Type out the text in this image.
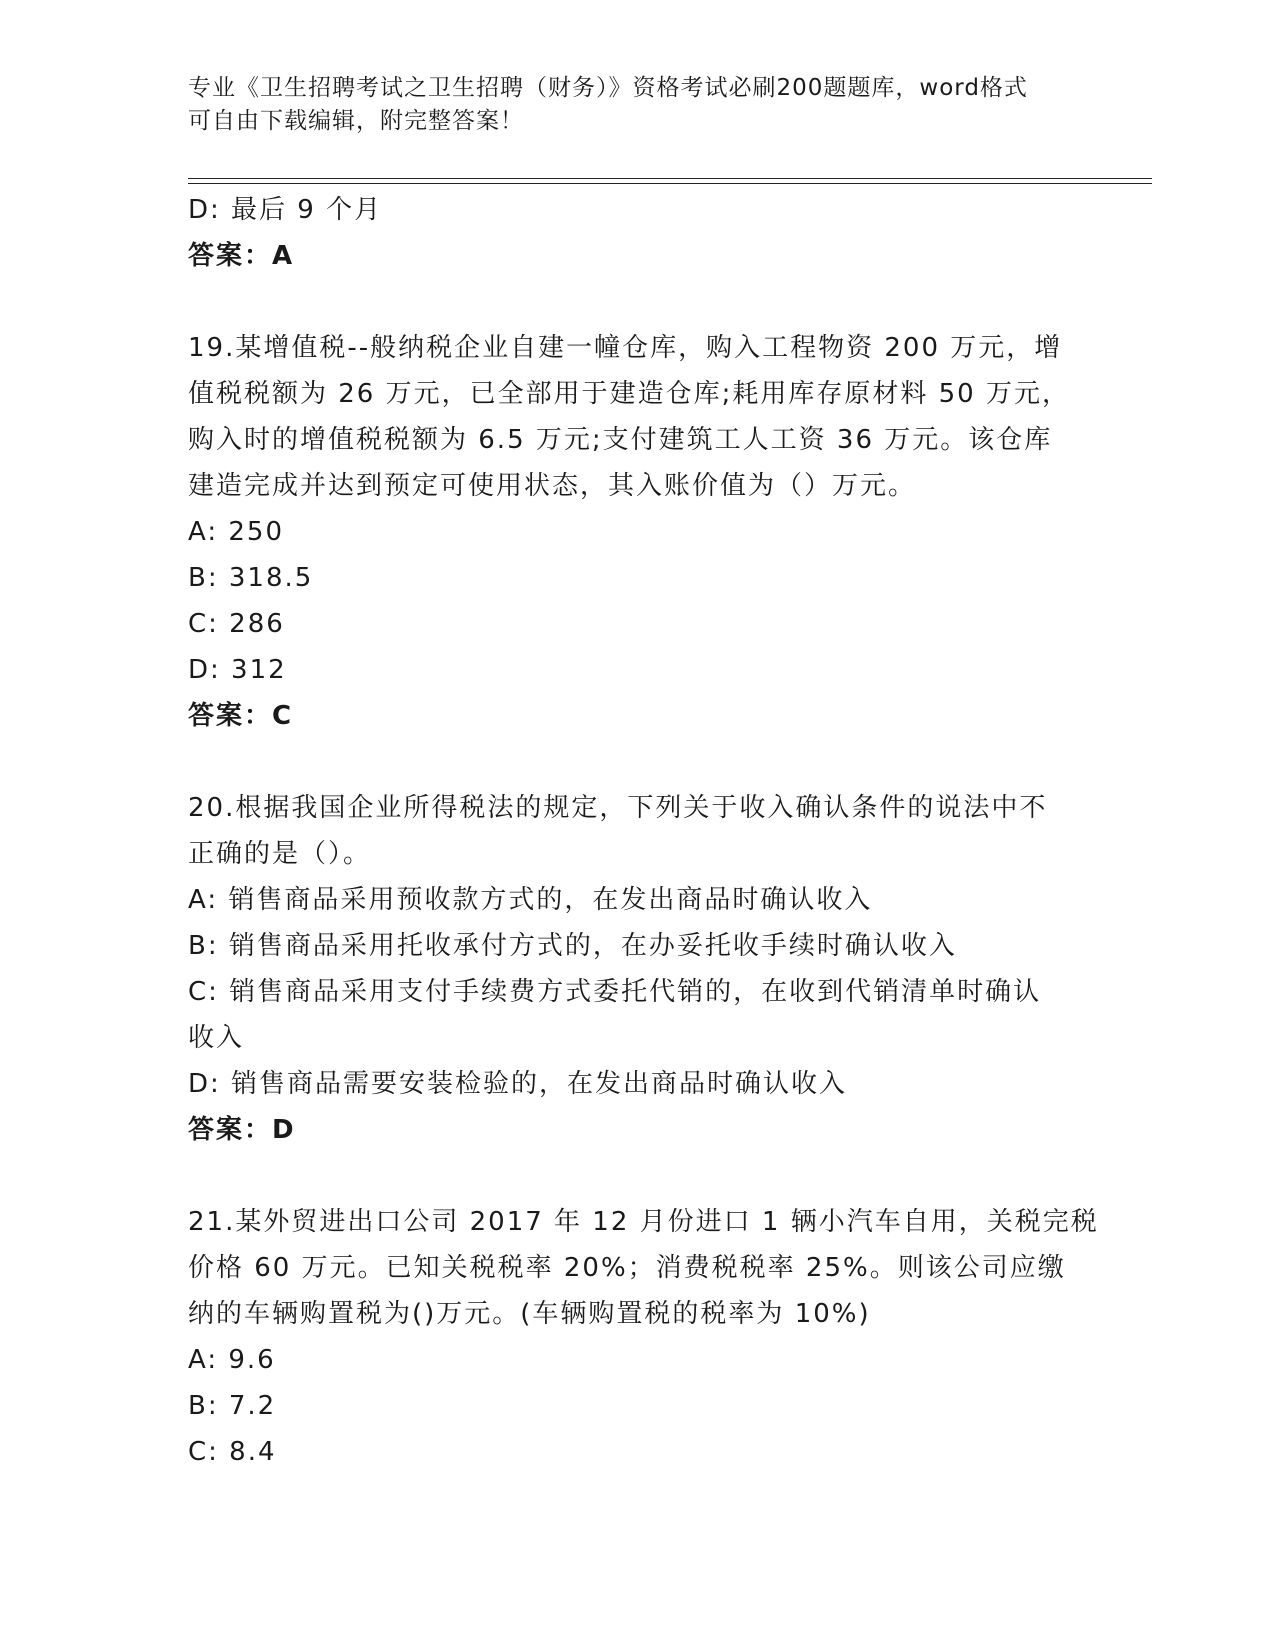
专业《卫生招聘考试之卫生招聘（财务）》资格考试必刷200题题库，word格式
可自由下载编辑，附完整答案！
D: 最后 9 个月
答案：A
19.某增值税--般纳税企业自建一幢仓库，购入工程物资 200 万元，增
值税税额为 26 万元，已全部用于建造仓库;耗用库存原材料 50 万元，
购入时的增值税税额为 6.5 万元;支付建筑工人工资 36 万元。该仓库
建造完成并达到预定可使用状态，其入账价值为（）万元。
A: 250
B: 318.5
C: 286
D: 312
答案：C
20.根据我国企业所得税法的规定，下列关于收入确认条件的说法中不
正确的是（）。
A: 销售商品采用预收款方式的，在发出商品时确认收入
B: 销售商品采用托收承付方式的，在办妥托收手续时确认收入
C: 销售商品采用支付手续费方式委托代销的，在收到代销清单时确认
收入
D: 销售商品需要安装检验的，在发出商品时确认收入
答案：D
21.某外贸进出口公司 2017 年 12 月份进口 1 辆小汽车自用，关税完税
价格 60 万元。已知关税税率 20%；消费税税率 25%。则该公司应缴
纳的车辆购置税为()万元。(车辆购置税的税率为 10%)
A: 9.6
B: 7.2
C: 8.4
